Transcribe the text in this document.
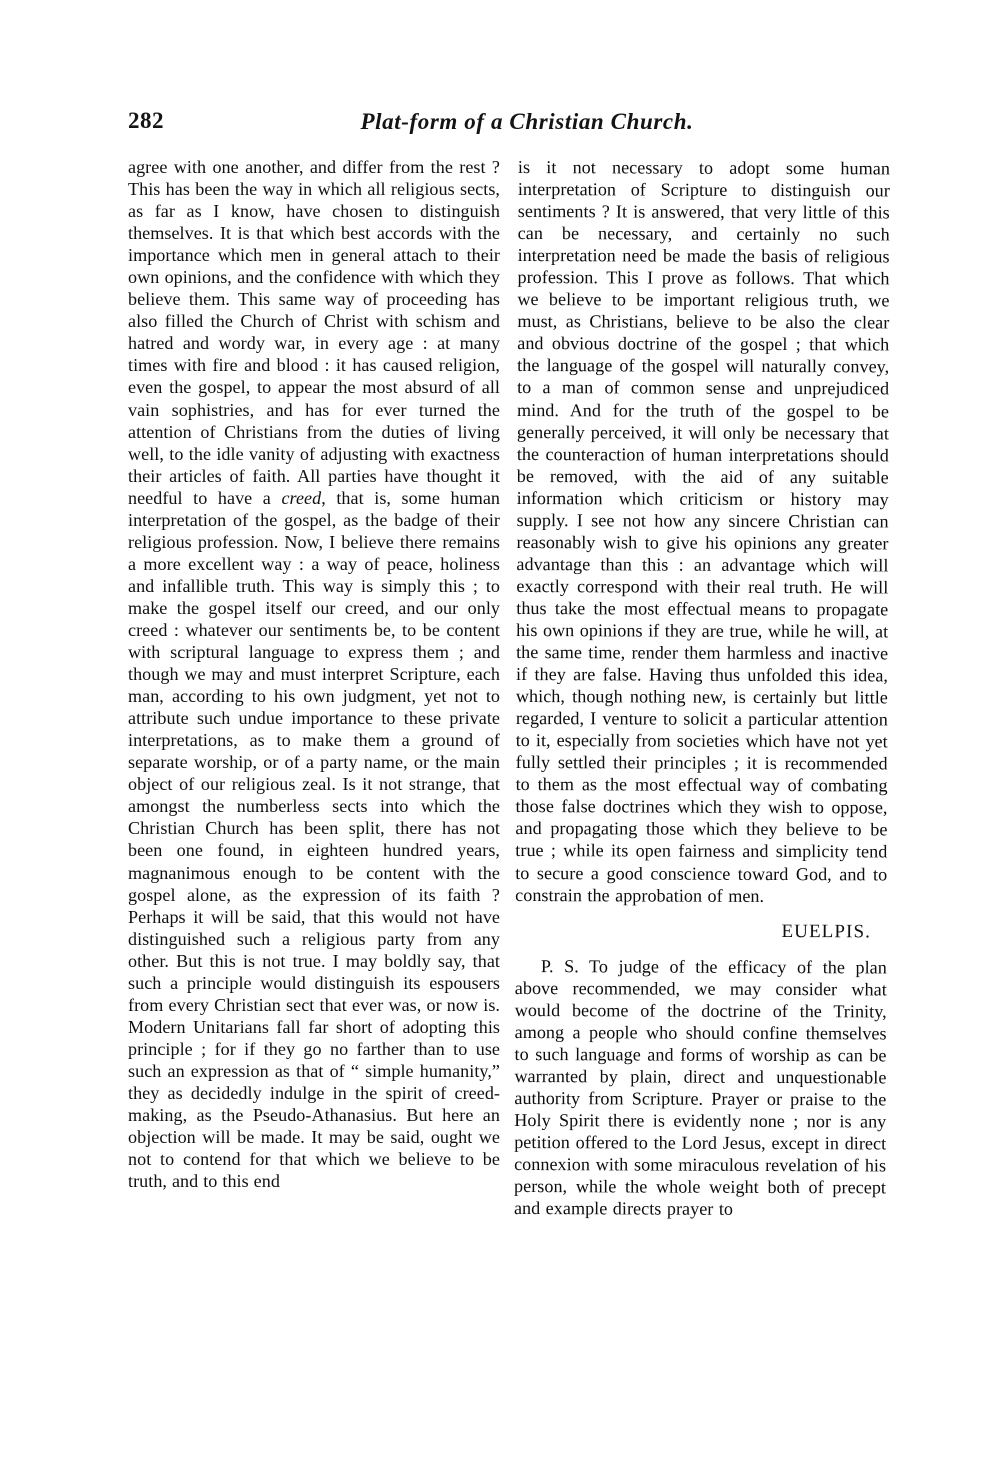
282	Plat-form of a Christian Church.

agree with one another, and differ from the rest ? This has been the way in which all religious sects, as far as I know, have chosen to distinguish themselves. It is that which best accords with the importance which men in general attach to their own opinions, and the confidence with which they believe them. This same way of proceeding has also filled the Church of Christ with schism and hatred and wordy war, in every age : at many times with fire and blood : it has caused religion, even the gospel, to appear the most absurd of all vain sophistries, and has for ever turned the attention of Christians from the duties of living well, to the idle vanity of adjusting with exactness their articles of faith. All parties have thought it needful to have a creed, that is, some human interpretation of the gospel, as the badge of their religious profession. Now, I believe there remains a more excellent way : a way of peace, holiness and infallible truth. This way is simply this ; to make the gospel itself our creed, and our only creed : whatever our sentiments be, to be content with scriptural language to express them ; and though we may and must interpret Scripture, each man, according to his own judgment, yet not to attribute such undue importance to these private interpretations, as to make them a ground of separate worship, or of a party name, or the main object of our religious zeal. Is it not strange, that amongst the numberless sects into which the Christian Church has been split, there has not been one found, in eighteen hundred years, magnanimous enough to be content with the gospel alone, as the expression of its faith ? Perhaps it will be said, that this would not have distinguished such a religious party from any other. But this is not true. I may boldly say, that such a principle would distinguish its espousers from every Christian sect that ever was, or now is. Modern Unitarians fall far short of adopting this principle ; for if they go no farther than to use such an expression as that of “ simple humanity,” they as decidedly indulge in the spirit of creed-making, as the Pseudo-Athanasius. But here an objection will be made. It may be said, ought we not to contend for that which we believe to be truth, and to this end

is it not necessary to adopt some human interpretation of Scripture to distinguish our sentiments ? It is answered, that very little of this can be necessary, and certainly no such interpretation need be made the basis of religious profession. This I prove as follows. That which we believe to be important religious truth, we must, as Christians, believe to be also the clear and obvious doctrine of the gospel ; that which the language of the gospel will naturally convey, to a man of common sense and unprejudiced mind. And for the truth of the gospel to be generally perceived, it will only be necessary that the counteraction of human interpretations should be removed, with the aid of any suitable information which criticism or history may supply. I see not how any sincere Christian can reasonably wish to give his opinions any greater advantage than this : an advantage which will exactly correspond with their real truth. He will thus take the most effectual means to propagate his own opinions if they are true, while he will, at the same time, render them harmless and inactive if they are false. Having thus unfolded this idea, which, though nothing new, is certainly but little regarded, I venture to solicit a particular attention to it, especially from societies which have not yet fully settled their principles ; it is recommended to them as the most effectual way of combating those false doctrines which they wish to oppose, and propagating those which they believe to be true ; while its open fairness and simplicity tend to secure a good conscience toward God, and to constrain the approbation of men.

EUELPIS.

P. S. To judge of the efficacy of the plan above recommended, we may consider what would become of the doctrine of the Trinity, among a people who should confine themselves to such language and forms of worship as can be warranted by plain, direct and unquestionable authority from Scripture. Prayer or praise to the Holy Spirit there is evidently none ; nor is any petition offered to the Lord Jesus, except in direct connexion with some miraculous revelation of his person, while the whole weight both of precept and example directs prayer to
